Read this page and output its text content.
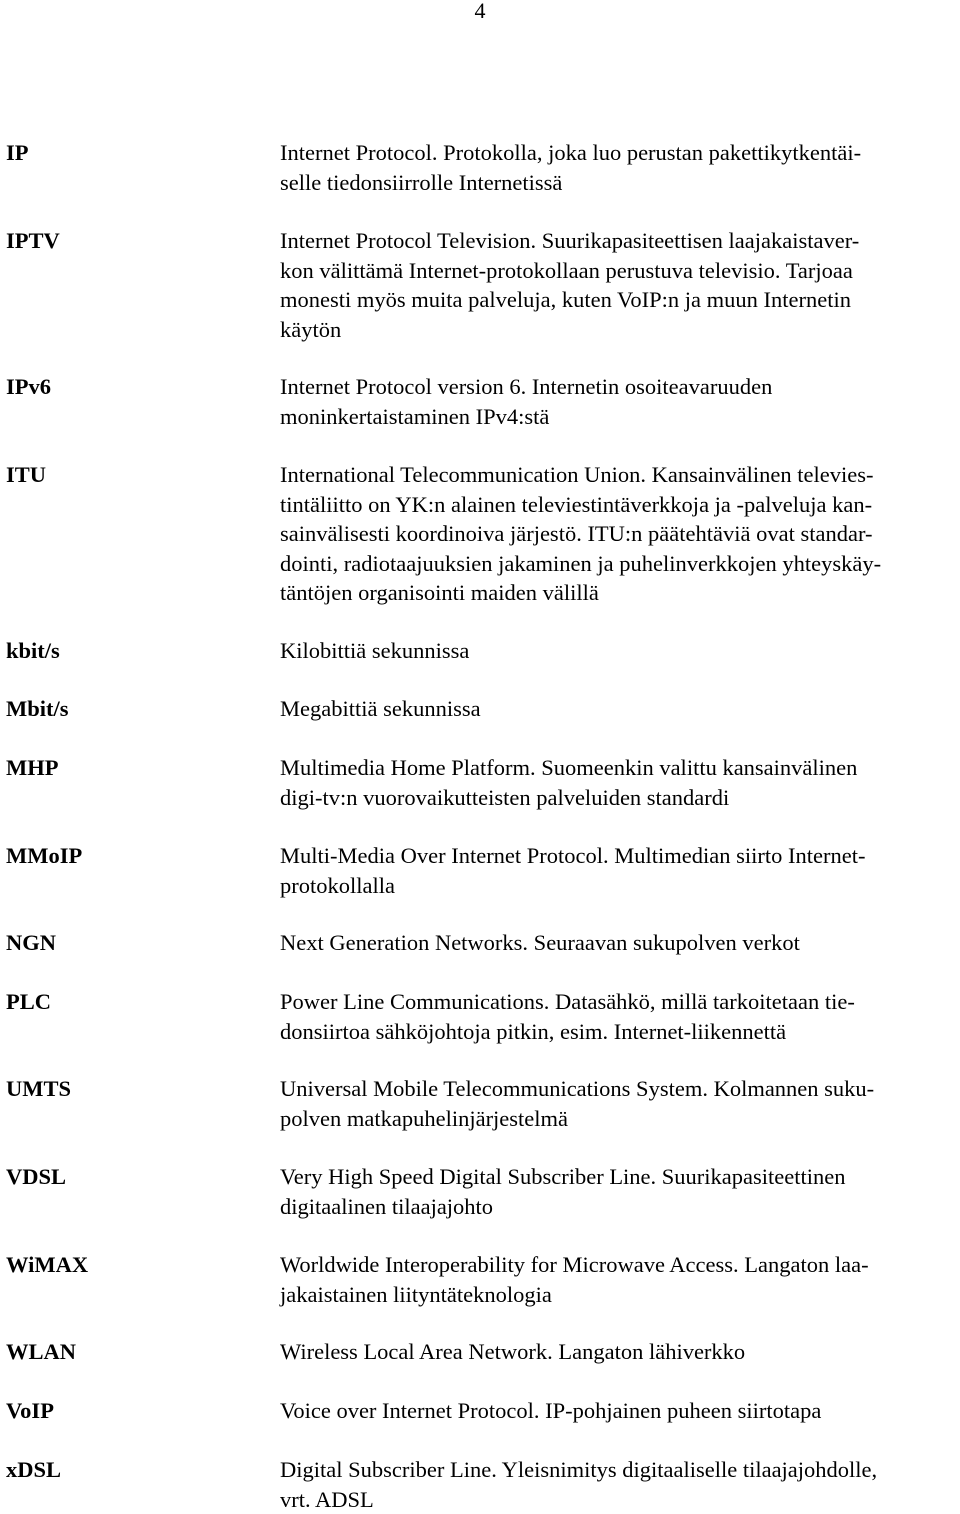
4
IP	Internet Protocol. Protokolla, joka luo perustan pakettikytkentäi-
selle tiedonsiirrolle Internetissä
IPTV	Internet Protocol Television. Suurikapasiteettisen laajakaistaver-
kon välittämä Internet-protokollaan perustuva televisio. Tarjoaa
monesti myös muita palveluja, kuten VoIP:n ja muun Internetin
käytön
IPv6	Internet Protocol version 6. Internetin osoiteavaruuden
moninkertaistaminen IPv4:stä
ITU	International Telecommunication Union. Kansainvälinen televies-
tintäliitto on YK:n alainen televiestintäverkkoja ja -palveluja kan-
sainvälisesti koordinoiva järjestö. ITU:n päätehtäviä ovat standar-
dointi, radiotaajuuksien jakaminen ja puhelinverkkojen yhteyskäy-
täntöjen organisointi maiden välillä
kbit/s	Kilobittiä sekunnissa
Mbit/s	Megabittiä sekunnissa
MHP	Multimedia Home Platform. Suomeenkin valittu kansainvälinen
digi-tv:n vuorovaikutteisten palveluiden standardi
MMoIP	Multi-Media Over Internet Protocol. Multimedian siirto Internet-
protokollalla
NGN	Next Generation Networks. Seuraavan sukupolven verkot
PLC	Power Line Communications. Datasähkö, millä tarkoitetaan tie-
donsiirtoa sähköjohtoja pitkin, esim. Internet-liikennettä
UMTS	Universal Mobile Telecommunications System. Kolmannen suku-
polven matkapuhelinjärjestelmä
VDSL	Very High Speed Digital Subscriber Line. Suurikapasiteettinen
digitaalinen tilaajajohto
WiMAX	Worldwide Interoperability for Microwave Access. Langaton laa-
jakaistainen liityntäteknologia
WLAN	Wireless Local Area Network. Langaton lähiverkko
VoIP	Voice over Internet Protocol. IP-pohjainen puheen siirtotapa
xDSL	Digital Subscriber Line. Yleisnimitys digitaaliselle tilaajajohdolle,
vrt. ADSL
